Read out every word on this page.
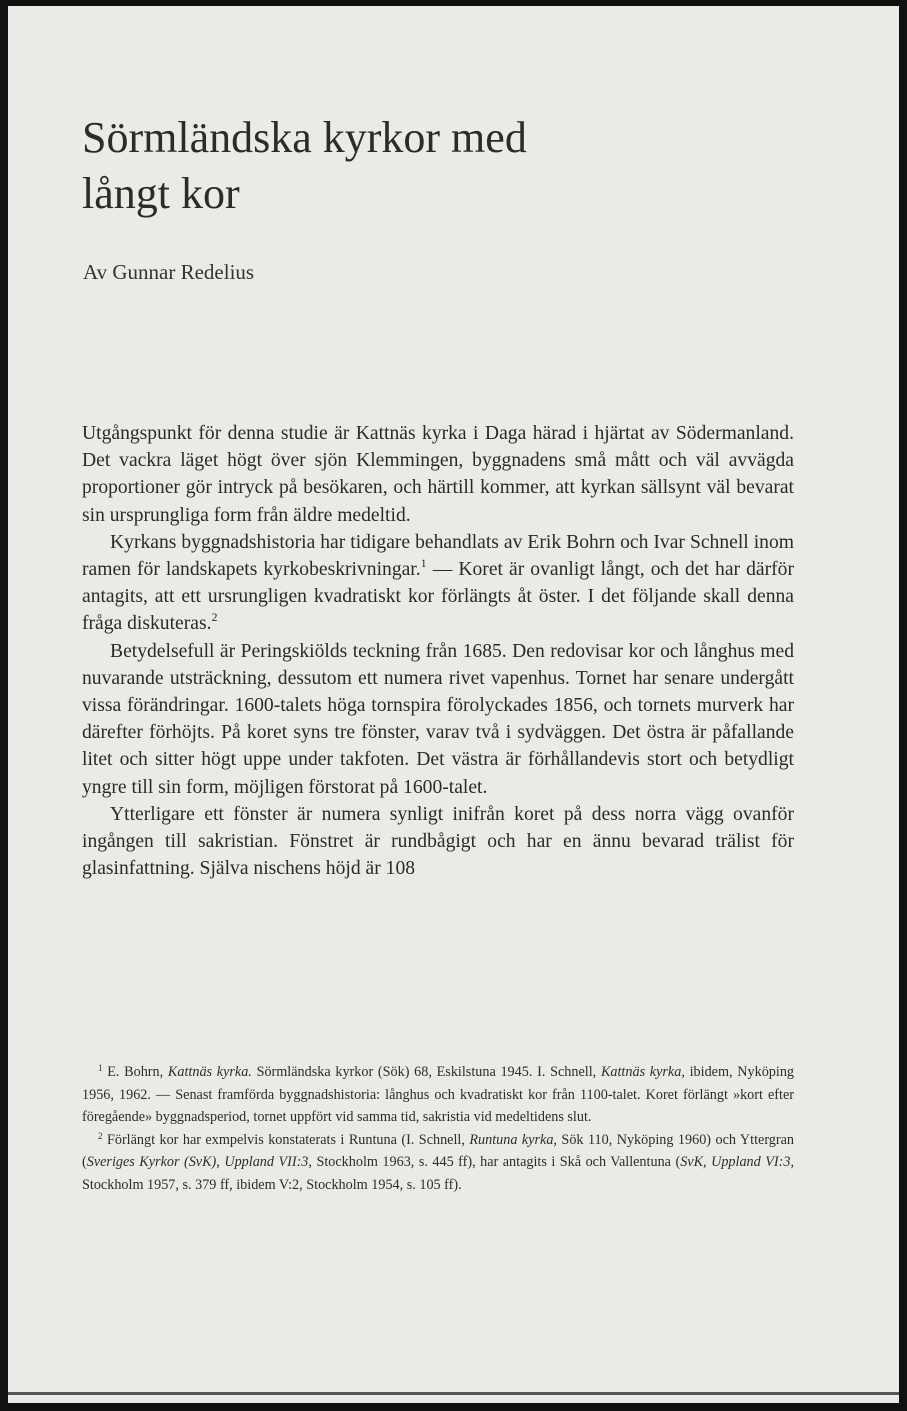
Sörmländska kyrkor med
långt kor

Av Gunnar Redelius

Utgångspunkt för denna studie är Kattnäs kyrka i Daga härad i hjärtat av Södermanland. Det vackra läget högt över sjön Klemmingen, byggnadens små mått och väl avvägda proportioner gör intryck på besökaren, och härtill kommer, att kyrkan sällsynt väl bevarat sin ursprungliga form från äldre medeltid.

Kyrkans byggnadshistoria har tidigare behandlats av Erik Bohrn och Ivar Schnell inom ramen för landskapets kyrkobeskrivningar.$^1$ — Koret är ovanligt långt, och det har därför antagits, att ett ursrungligen kvadratiskt kor förlängts åt öster. I det följande skall denna fråga diskuteras.$^2$

Betydelsefull är Peringskiölds teckning från 1685. Den redovisar kor och långhus med nuvarande utsträckning, dessutom ett numera rivet vapenhus. Tornet har senare undergått vissa förändringar. 1600-talets höga tornspira förolyckades 1856, och tornets murverk har därefter förhöjts. På koret syns tre fönster, varav två i sydväggen. Det östra är påfallande litet och sitter högt uppe under takfoten. Det västra är förhållandevis stort och betydligt yngre till sin form, möjligen förstorat på 1600-talet.

Ytterligare ett fönster är numera synligt inifrån koret på dess norra vägg ovanför ingången till sakristian. Fönstret är rundbågigt och har en ännu bevarad trälist för glasinfattning. Själva nischens höjd är 108

$^1$ E. Bohrn, Kattnäs kyrka. Sörmländska kyrkor (Sök) 68, Eskilstuna 1945. I. Schnell, Kattnäs kyrka, ibidem, Nyköping 1956, 1962. — Senast framförda byggnadshistoria: långhus och kvadratiskt kor från 1100-talet. Koret förlängt »kort efter föregående» byggnadsperiod, tornet uppfört vid samma tid, sakristia vid medeltidens slut.

$^2$ Förlängt kor har exmpelvis konstaterats i Runtuna (I. Schnell, Runtuna kyrka, Sök 110, Nyköping 1960) och Yttergran (Sveriges Kyrkor (SvK), Uppland VII:3, Stockholm 1963, s. 445 ff), har antagits i Skå och Vallentuna (SvK, Uppland VI:3, Stockholm 1957, s. 379 ff, ibidem V:2, Stockholm 1954, s. 105 ff).
